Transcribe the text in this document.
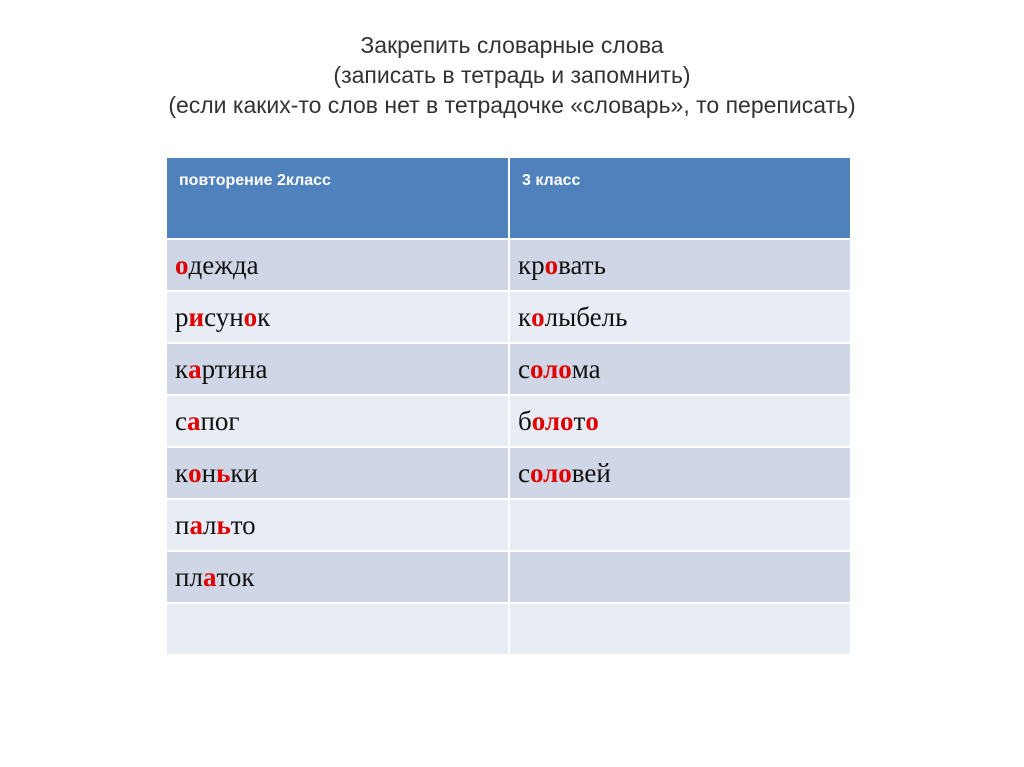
Закрепить словарные слова
(записать в тетрадь и запомнить)
(если каких-то слов нет в тетрадочке «словарь», то переписать)
повторение 2класс	3 класс
одежда	кровать
рисунок	колыбель
картина	солома
сапог	болото
коньки	соловей
пальто	
платок	
